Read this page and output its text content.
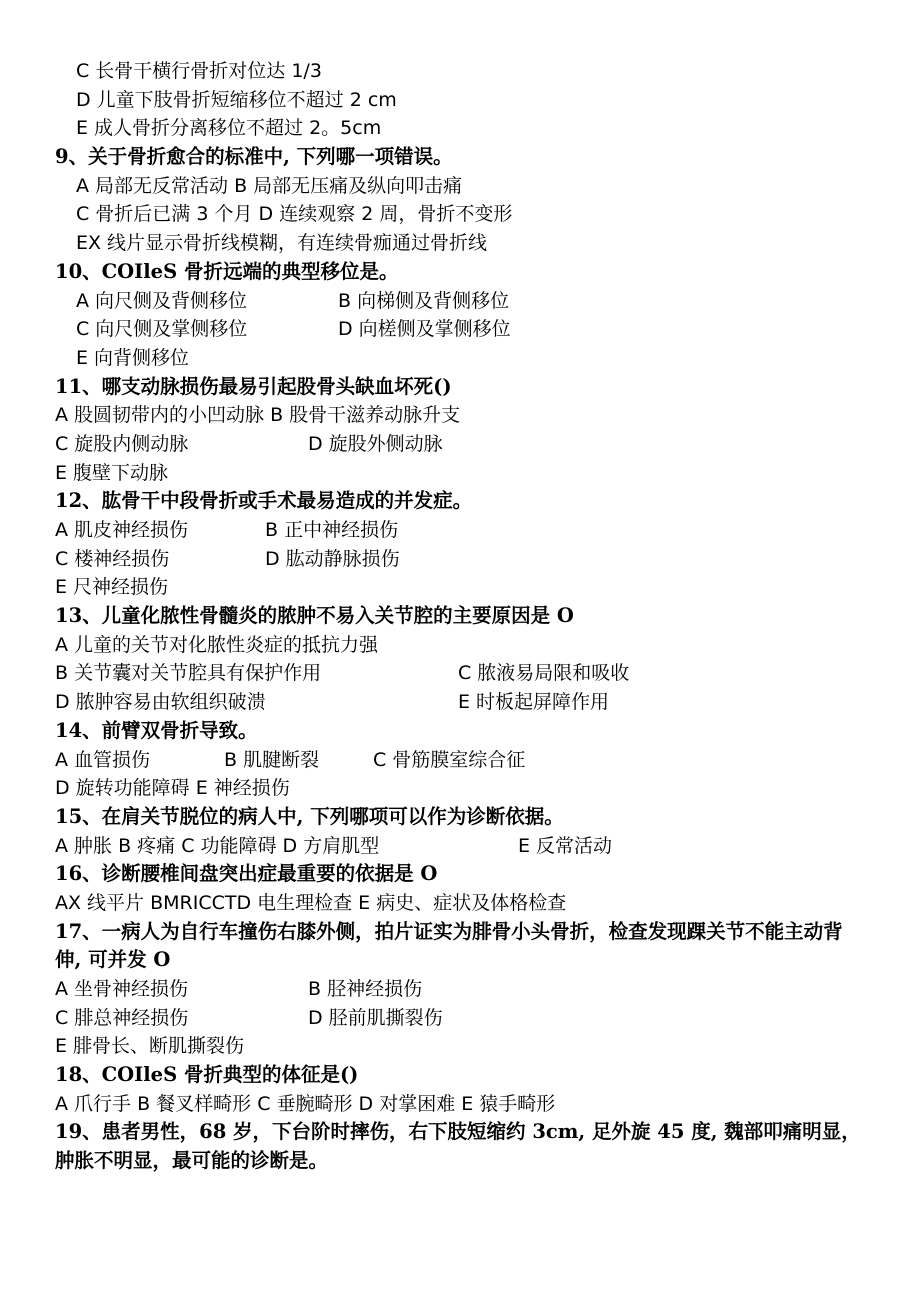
C 长骨干横行骨折对位达 1/3
D 儿童下肢骨折短缩移位不超过 2 cm
E 成人骨折分离移位不超过 2。5cm
9、关于骨折愈合的标准中, 下列哪一项错误。
A 局部无反常活动 B 局部无压痛及纵向叩击痛
C 骨折后已满 3 个月 D 连续观察 2 周，骨折不变形
EX 线片显示骨折线模糊，有连续骨痂通过骨折线
10、COIleS 骨折远端的典型移位是。
A 向尺侧及背侧移位	B 向梯侧及背侧移位
C 向尺侧及掌侧移位	D 向槎侧及掌侧移位
E 向背侧移位
11、哪支动脉损伤最易引起股骨头缺血坏死()
A 股圆韧带内的小凹动脉 B 股骨干滋养动脉升支
C 旋股内侧动脉	D 旋股外侧动脉
E 腹壁下动脉
12、肱骨干中段骨折或手术最易造成的并发症。
A 肌皮神经损伤	B 正中神经损伤
C 楼神经损伤	D 肱动静脉损伤
E 尺神经损伤
13、儿童化脓性骨髓炎的脓肿不易入关节腔的主要原因是 O
A 儿童的关节对化脓性炎症的抵抗力强
B 关节囊对关节腔具有保护作用	C 脓液易局限和吸收
D 脓肿容易由软组织破溃	E 时板起屏障作用
14、前臂双骨折导致。
A 血管损伤	B 肌腱断裂	C 骨筋膜室综合征
D 旋转功能障碍 E 神经损伤
15、在肩关节脱位的病人中, 下列哪项可以作为诊断依据。
A 肿胀 B 疼痛 C 功能障碍 D 方肩肌型	E 反常活动
16、诊断腰椎间盘突出症最重要的依据是 O
AX 线平片 BMRICCTD 电生理检查 E 病史、症状及体格检查
17、一病人为自行车撞伤右膝外侧，拍片证实为腓骨小头骨折，检查发现踝关节不能主动背伸, 可并发 O
A 坐骨神经损伤	B 胫神经损伤
C 腓总神经损伤	D 胫前肌撕裂伤
E 腓骨长、断肌撕裂伤
18、COIleS 骨折典型的体征是()
A 爪行手 B 餐叉样畸形 C 垂腕畸形 D 对掌困难 E 猿手畸形
19、患者男性，68 岁，下台阶时摔伤，右下肢短缩约 3cm, 足外旋 45 度, 魏部叩痛明显，肿胀不明显，最可能的诊断是。
